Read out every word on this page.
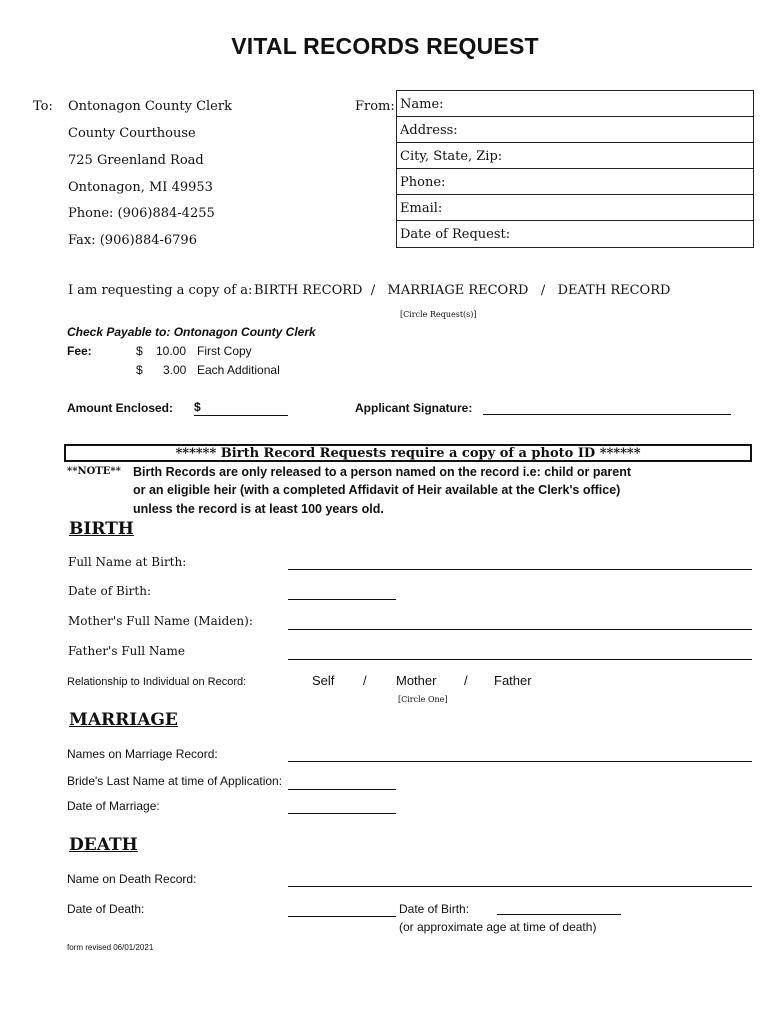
VITAL RECORDS REQUEST
To: Ontonagon County Clerk
County Courthouse
725 Greenland Road
Ontonagon, MI 49953
Phone: (906)884-4255
Fax: (906)884-6796
From: Name:
Address:
City, State, Zip:
Phone:
Email:
Date of Request:
I am requesting a copy of a: BIRTH RECORD  /   MARRIAGE RECORD   /   DEATH RECORD
[Circle Request(s)]
Check Payable to: Ontonagon County Clerk
Fee:	$ 10.00 First Copy
$ 3.00 Each Additional
Amount Enclosed: $	Applicant Signature:
****** Birth Record Requests require a copy of a photo ID ******
**NOTE** Birth Records are only released to a person named on the record i.e: child or parent
or an eligible heir (with a completed Affidavit of Heir available at the Clerk's office)
unless the record is at least 100 years old.
BIRTH
Full Name at Birth:
Date of Birth:
Mother's Full Name (Maiden):
Father's Full Name
Relationship to Individual on Record:	Self / Mother / Father
[Circle One]
MARRIAGE
Names on Marriage Record:
Bride's Last Name at time of Application:
Date of Marriage:
DEATH
Name on Death Record:
Date of Death:	Date of Birth:
(or approximate age at time of death)
form revised 06/01/2021
